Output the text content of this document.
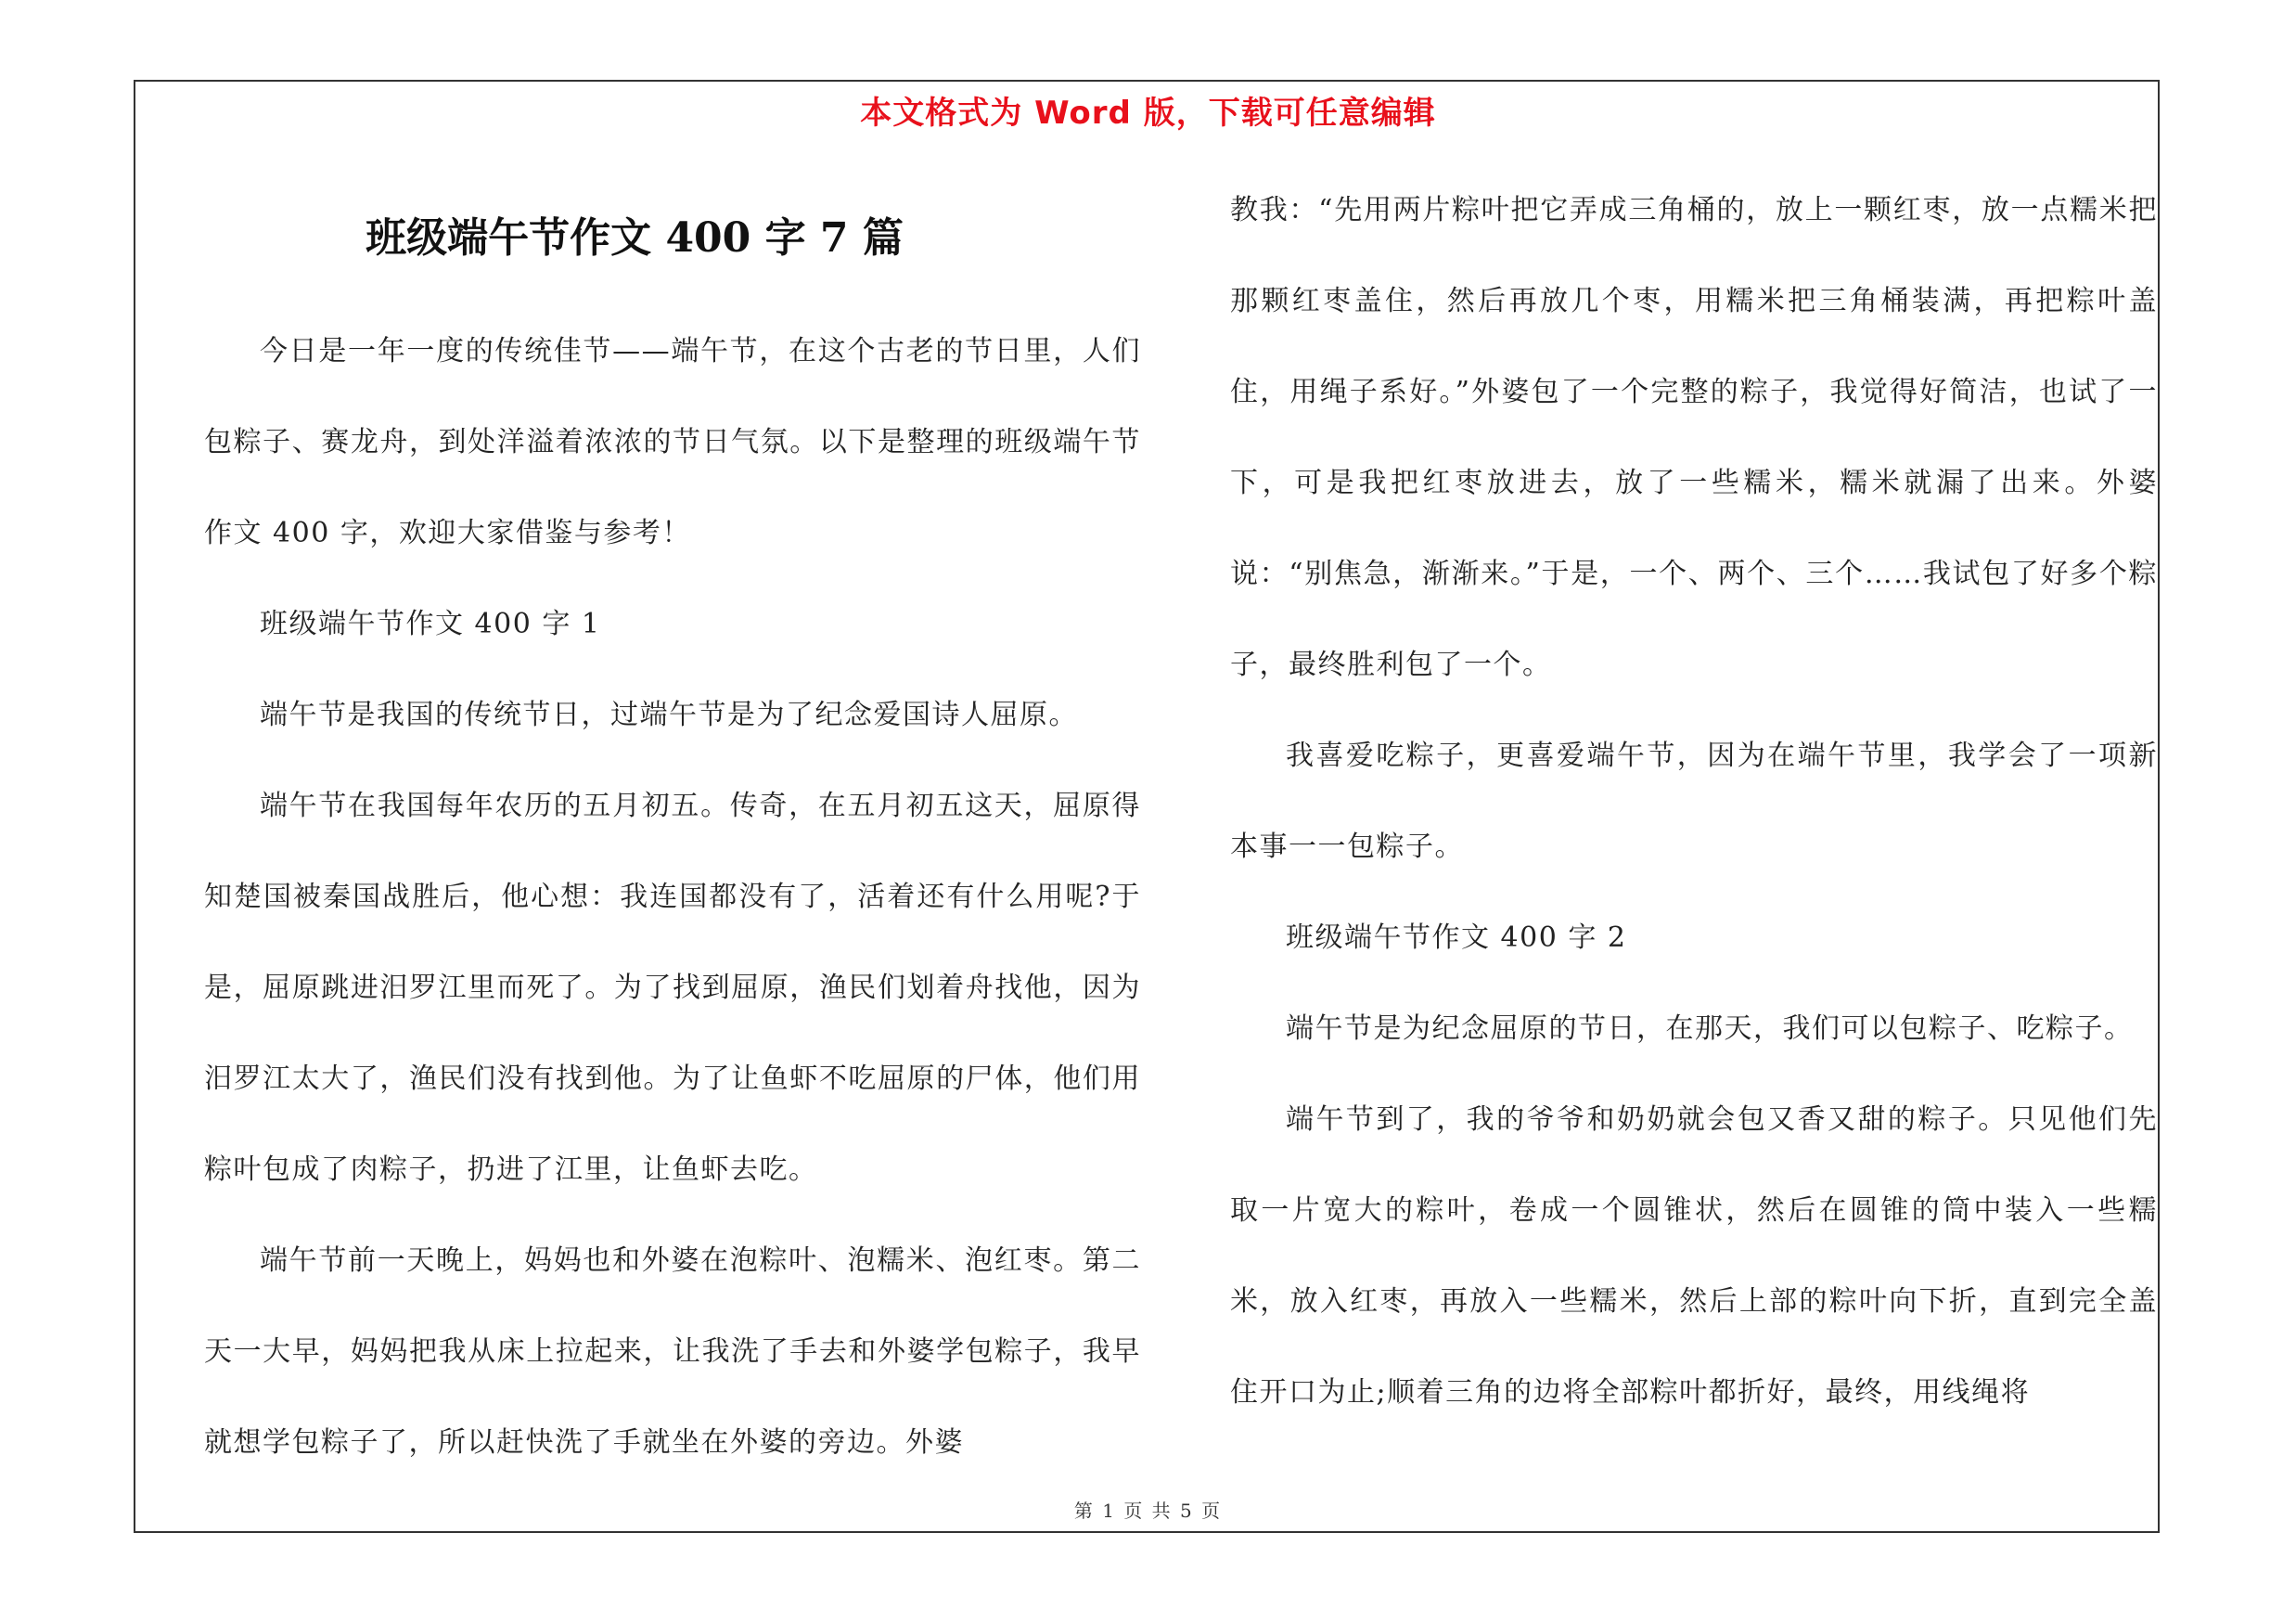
本文格式为 Word 版，下载可任意编辑
班级端午节作文 400 字 7 篇

今日是一年一度的传统佳节——端午节，在这个古老的节日里，人们包粽子、赛龙舟，到处洋溢着浓浓的节日气氛。以下是整理的班级端午节作文 400 字，欢迎大家借鉴与参考！

班级端午节作文 400 字 1

端午节是我国的传统节日，过端午节是为了纪念爱国诗人屈原。

端午节在我国每年农历的五月初五。传奇，在五月初五这天，屈原得知楚国被秦国战胜后，他心想：我连国都没有了，活着还有什么用呢?于是，屈原跳进汨罗江里而死了。为了找到屈原，渔民们划着舟找他，因为汨罗江太大了，渔民们没有找到他。为了让鱼虾不吃屈原的尸体，他们用粽叶包成了肉粽子，扔进了江里，让鱼虾去吃。

端午节前一天晚上，妈妈也和外婆在泡粽叶、泡糯米、泡红枣。第二天一大早，妈妈把我从床上拉起来，让我洗了手去和外婆学包粽子，我早就想学包粽子了，所以赶快洗了手就坐在外婆的旁边。外婆

教我：“先用两片粽叶把它弄成三角桶的，放上一颗红枣，放一点糯米把那颗红枣盖住，然后再放几个枣，用糯米把三角桶装满，再把粽叶盖住，用绳子系好。”外婆包了一个完整的粽子，我觉得好简洁，也试了一下，可是我把红枣放进去，放了一些糯米，糯米就漏了出来。外婆说：“别焦急，渐渐来。”于是，一个、两个、三个……我试包了好多个粽子，最终胜利包了一个。

我喜爱吃粽子，更喜爱端午节，因为在端午节里，我学会了一项新本事一一包粽子。

班级端午节作文 400 字 2

端午节是为纪念屈原的节日，在那天，我们可以包粽子、吃粽子。

端午节到了，我的爷爷和奶奶就会包又香又甜的粽子。只见他们先取一片宽大的粽叶，卷成一个圆锥状，然后在圆锥的筒中装入一些糯米，放入红枣，再放入一些糯米，然后上部的粽叶向下折，直到完全盖住开口为止;顺着三角的边将全部粽叶都折好，最终，用线绳将

第 1 页 共 5 页
